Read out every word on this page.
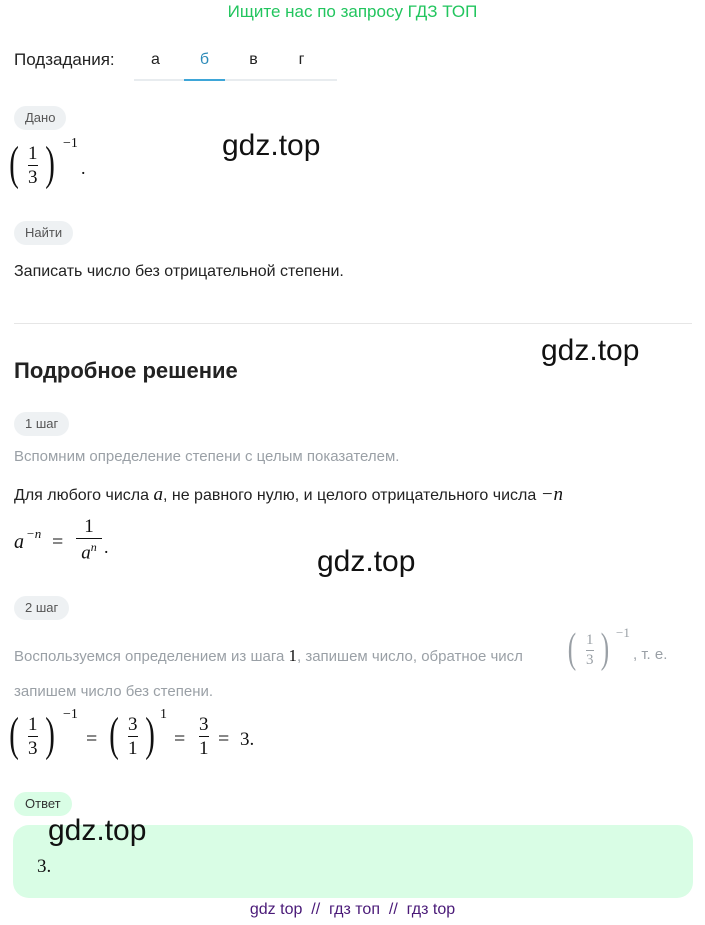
Ищите нас по запросу ГДЗ ТОП
Подзадания:	а	б	в	г
Дано
( 1
3 ) −1
.
Найти
Записать число без отрицательной степени.
Подробное решение
1 шаг
Вспомним определение степени с целым показателем.
Для любого числа a, не равного нулю, и целого отрицательного числа −n
a −n =
1
$a^n$ .
2 шаг
Воспользуемся определением из шага 1, запишем число, обратное числ ( 1
3 ) −1
, т. е.
запишем число без степени.
( 1
3 ) −1
= ( 3
1 ) 1
=
3
1 = 3.
Ответ
3.
gdz.top
gdz.top
gdz.top
gdz.top
gdz top  //  гдз топ  //  гдз top
